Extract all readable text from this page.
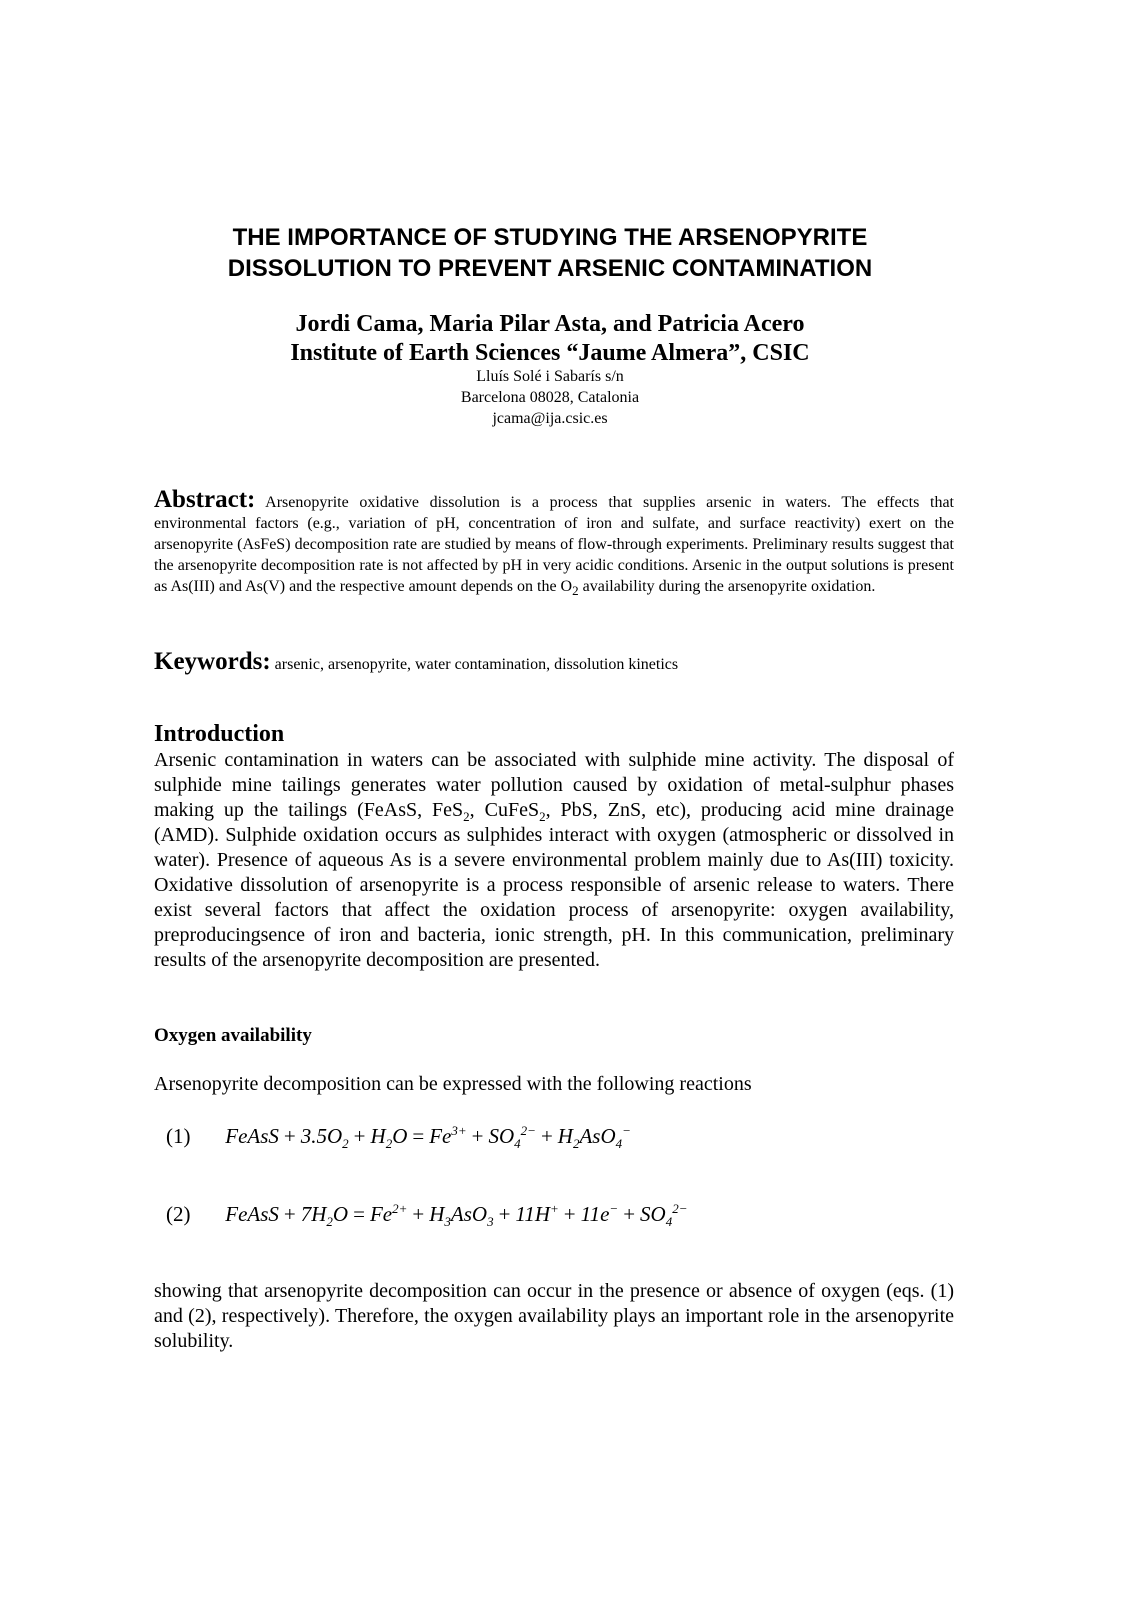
THE IMPORTANCE OF STUDYING THE ARSENOPYRITE
DISSOLUTION TO PREVENT ARSENIC CONTAMINATION
Jordi Cama, Maria Pilar Asta, and Patricia Acero
Institute of Earth Sciences “Jaume Almera”, CSIC
Lluís Solé i Sabarís s/n
Barcelona 08028, Catalonia
jcama@ija.csic.es
Abstract: Arsenopyrite oxidative dissolution is a process that supplies arsenic in waters. The effects that environmental factors (e.g., variation of pH, concentration of iron and sulfate, and surface reactivity) exert on the arsenopyrite (AsFeS) decomposition rate are studied by means of flow-through experiments. Preliminary results suggest that the arsenopyrite decomposition rate is not affected by pH in very acidic conditions. Arsenic in the output solutions is present as As(III) and As(V) and the respective amount depends on the $O_2$ availability during the arsenopyrite oxidation.
Keywords: arsenic, arsenopyrite, water contamination, dissolution kinetics
Introduction
Arsenic contamination in waters can be associated with sulphide mine activity. The disposal of sulphide mine tailings generates water pollution caused by oxidation of metal-sulphur phases making up the tailings (FeAsS, FeS$_2$, CuFeS$_2$, PbS, ZnS, etc), producing acid mine drainage (AMD). Sulphide oxidation occurs as sulphides interact with oxygen (atmospheric or dissolved in water). Presence of aqueous As is a severe environmental problem mainly due to As(III) toxicity. Oxidative dissolution of arsenopyrite is a process responsible of arsenic release to waters. There exist several factors that affect the oxidation process of arsenopyrite: oxygen availability, preproducingsence of iron and bacteria, ionic strength, pH. In this communication, preliminary results of the arsenopyrite decomposition are presented.
Oxygen availability
Arsenopyrite decomposition can be expressed with the following reactions
(1) FeAsS + $3.5O_2 + H_2O = Fe^{3+} + SO_4^{2-} + H_2AsO_4^-$
(2) FeAsS + $7H_2O = Fe^{2+} + H_3AsO_3 + 11H^+ + 11e^- + SO_4^{2-}$
showing that arsenopyrite decomposition can occur in the presence or absence of oxygen (eqs. (1) and (2), respectively). Therefore, the oxygen availability plays an important role in the arsenopyrite solubility.
